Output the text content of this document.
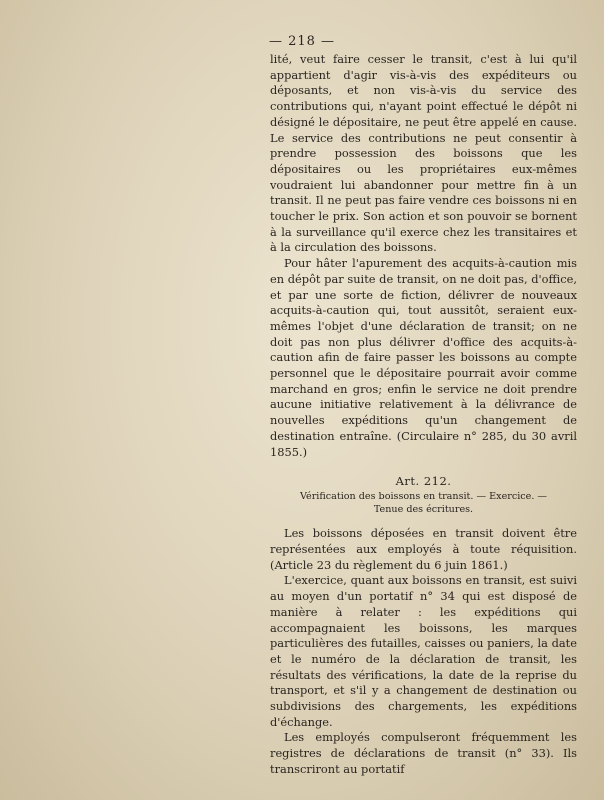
— 218 —

lité, veut faire cesser le transit, c'est à lui qu'il appartient d'agir vis-à-vis des expéditeurs ou déposants, et non vis-à-vis du service des contributions qui, n'ayant point effectué le dépôt ni désigné le dépositaire, ne peut être appelé en cause. Le service des contributions ne peut consentir à prendre possession des boissons que les dépositaires ou les propriétaires eux-mêmes voudraient lui abandonner pour mettre fin à un transit. Il ne peut pas faire vendre ces boissons ni en toucher le prix. Son action et son pouvoir se bornent à la surveillance qu'il exerce chez les transitaires et à la circulation des boissons.

Pour hâter l'apurement des acquits-à-caution mis en dépôt par suite de transit, on ne doit pas, d'office, et par une sorte de fiction, délivrer de nouveaux acquits-à-caution qui, tout aussitôt, seraient eux-mêmes l'objet d'une déclaration de transit; on ne doit pas non plus délivrer d'office des acquits-à-caution afin de faire passer les boissons au compte personnel que le dépositaire pourrait avoir comme marchand en gros; enfin le service ne doit prendre aucune initiative relativement à la délivrance de nouvelles expéditions qu'un changement de destination entraîne. (Circulaire n° 285, du 30 avril 1855.)

Art. 212.
Vérification des boissons en transit. — Exercice. —
Tenue des écritures.

Les boissons déposées en transit doivent être représentées aux employés à toute réquisition. (Article 23 du règlement du 6 juin 1861.)

L'exercice, quant aux boissons en transit, est suivi au moyen d'un portatif n° 34 qui est disposé de manière à relater : les expéditions qui accompagnaient les boissons, les marques particulières des futailles, caisses ou paniers, la date et le numéro de la déclaration de transit, les résultats des vérifications, la date de la reprise du transport, et s'il y a changement de destination ou subdivisions des chargements, les expéditions d'échange.

Les employés compulseront fréquemment les registres de déclarations de transit (n° 33). Ils transcriront au portatif
